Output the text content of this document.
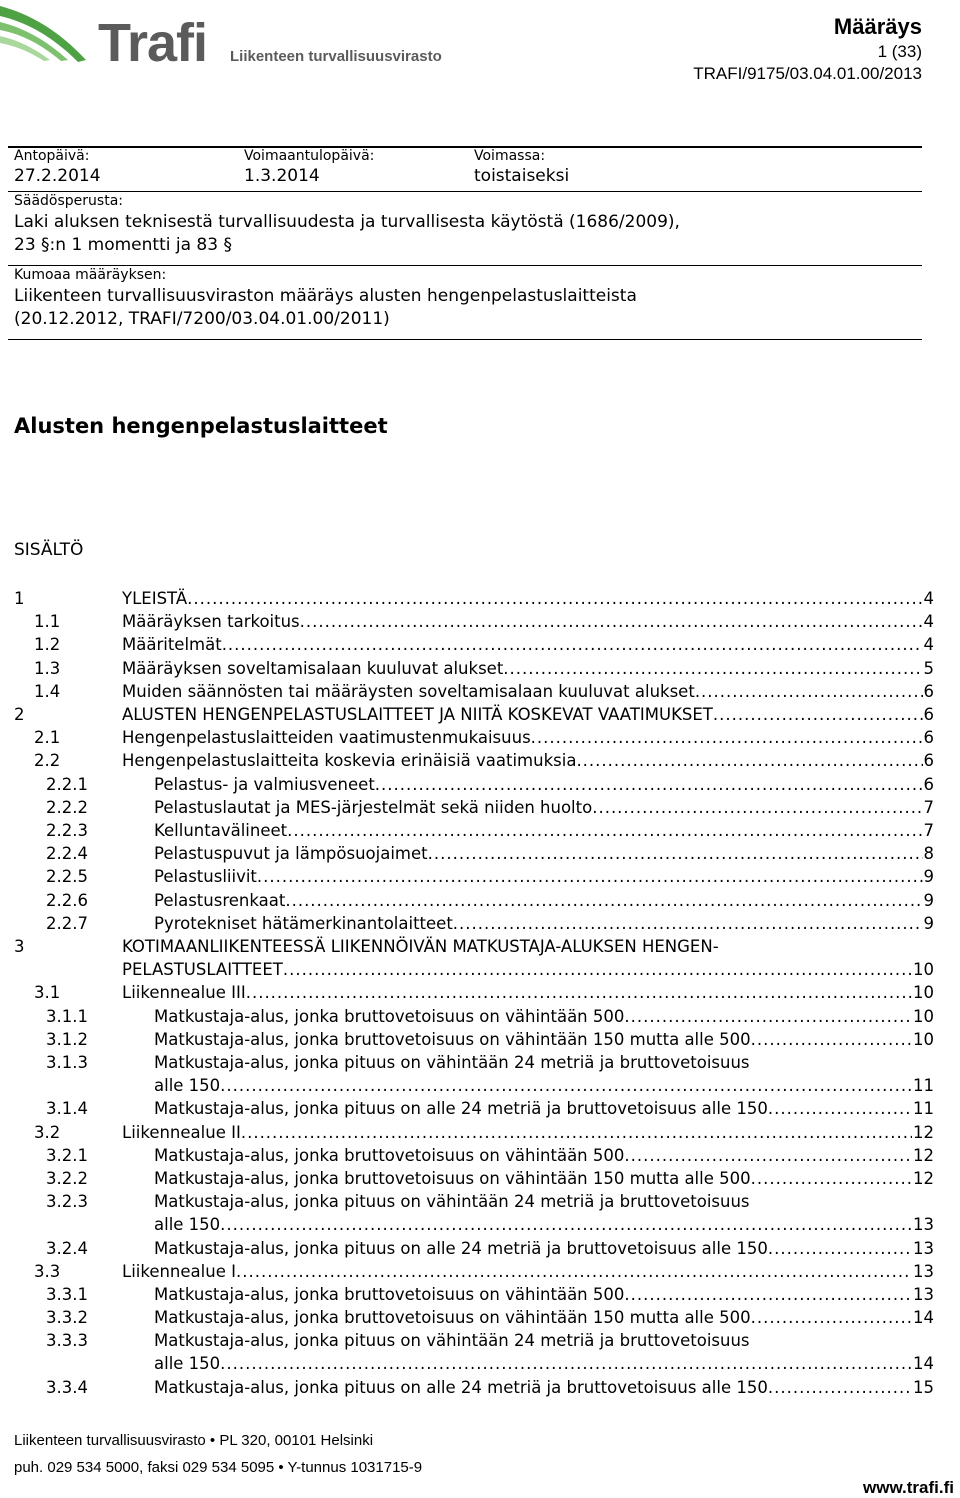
Trafi Liikenteen turvallisuusvirasto
Määräys
1 (33)
TRAFI/9175/03.04.01.00/2013
Antopäivä:
27.2.2014
Voimaantulopäivä:
1.3.2014
Voimassa:
toistaiseksi
Säädösperusta:
Laki aluksen teknisestä turvallisuudesta ja turvallisesta käytöstä (1686/2009),
23 §:n 1 momentti ja 83 §
Kumoaa määräyksen:
Liikenteen turvallisuusviraston määräys alusten hengenpelastuslaitteista
(20.12.2012, TRAFI/7200/03.04.01.00/2011)
Alusten hengenpelastuslaitteet
SISÄLTÖ
1	YLEISTÄ .....	4
1.1	Määräyksen tarkoitus .....	4
1.2	Määritelmät .....	4
1.3	Määräyksen soveltamisalaan kuuluvat alukset .....	5
1.4	Muiden säännösten tai määräysten soveltamisalaan kuuluvat alukset .....	6
2	ALUSTEN HENGENPELASTUSLAITTEET JA NIITÄ KOSKEVAT VAATIMUKSET .....	6
2.1	Hengenpelastuslaitteiden vaatimustenmukaisuus .....	6
2.2	Hengenpelastuslaitteita koskevia erinäisiä vaatimuksia .....	6
2.2.1	Pelastus- ja valmiusveneet .....	6
2.2.2	Pelastuslautat ja MES-järjestelmät sekä niiden huolto .....	7
2.2.3	Kelluntavälineet .....	7
2.2.4	Pelastuspuvut ja lämpösuojaimet .....	8
2.2.5	Pelastusliivit .....	9
2.2.6	Pelastusrenkaat .....	9
2.2.7	Pyrotekniset hätämerkinantolaitteet .....	9
3	KOTIMAANLIIKENTEESSÄ LIIKENNÖIVÄN MATKUSTAJA-ALUKSEN HENGEN-
PELASTUSLAITTEET .....	10
3.1	Liikennealue III .....	10
3.1.1	Matkustaja-alus, jonka bruttovetoisuus on vähintään 500 .....	10
3.1.2	Matkustaja-alus, jonka bruttovetoisuus on vähintään 150 mutta alle 500 .....	10
3.1.3	Matkustaja-alus, jonka pituus on vähintään 24 metriä ja bruttovetoisuus
alle 150 .....	11
3.1.4	Matkustaja-alus, jonka pituus on alle 24 metriä ja bruttovetoisuus alle 150 .....	11
3.2	Liikennealue II .....	12
3.2.1	Matkustaja-alus, jonka bruttovetoisuus on vähintään 500 .....	12
3.2.2	Matkustaja-alus, jonka bruttovetoisuus on vähintään 150 mutta alle 500 .....	12
3.2.3	Matkustaja-alus, jonka pituus on vähintään 24 metriä ja bruttovetoisuus
alle 150 .....	13
3.2.4	Matkustaja-alus, jonka pituus on alle 24 metriä ja bruttovetoisuus alle 150 .....	13
3.3	Liikennealue I .....	13
3.3.1	Matkustaja-alus, jonka bruttovetoisuus on vähintään 500 .....	13
3.3.2	Matkustaja-alus, jonka bruttovetoisuus on vähintään 150 mutta alle 500 .....	14
3.3.3	Matkustaja-alus, jonka pituus on vähintään 24 metriä ja bruttovetoisuus
alle 150 .....	14
3.3.4	Matkustaja-alus, jonka pituus on alle 24 metriä ja bruttovetoisuus alle 150 .....	15
Liikenteen turvallisuusvirasto • PL 320, 00101 Helsinki
puh. 029 534 5000, faksi 029 534 5095 • Y-tunnus 1031715-9
www.trafi.fi
